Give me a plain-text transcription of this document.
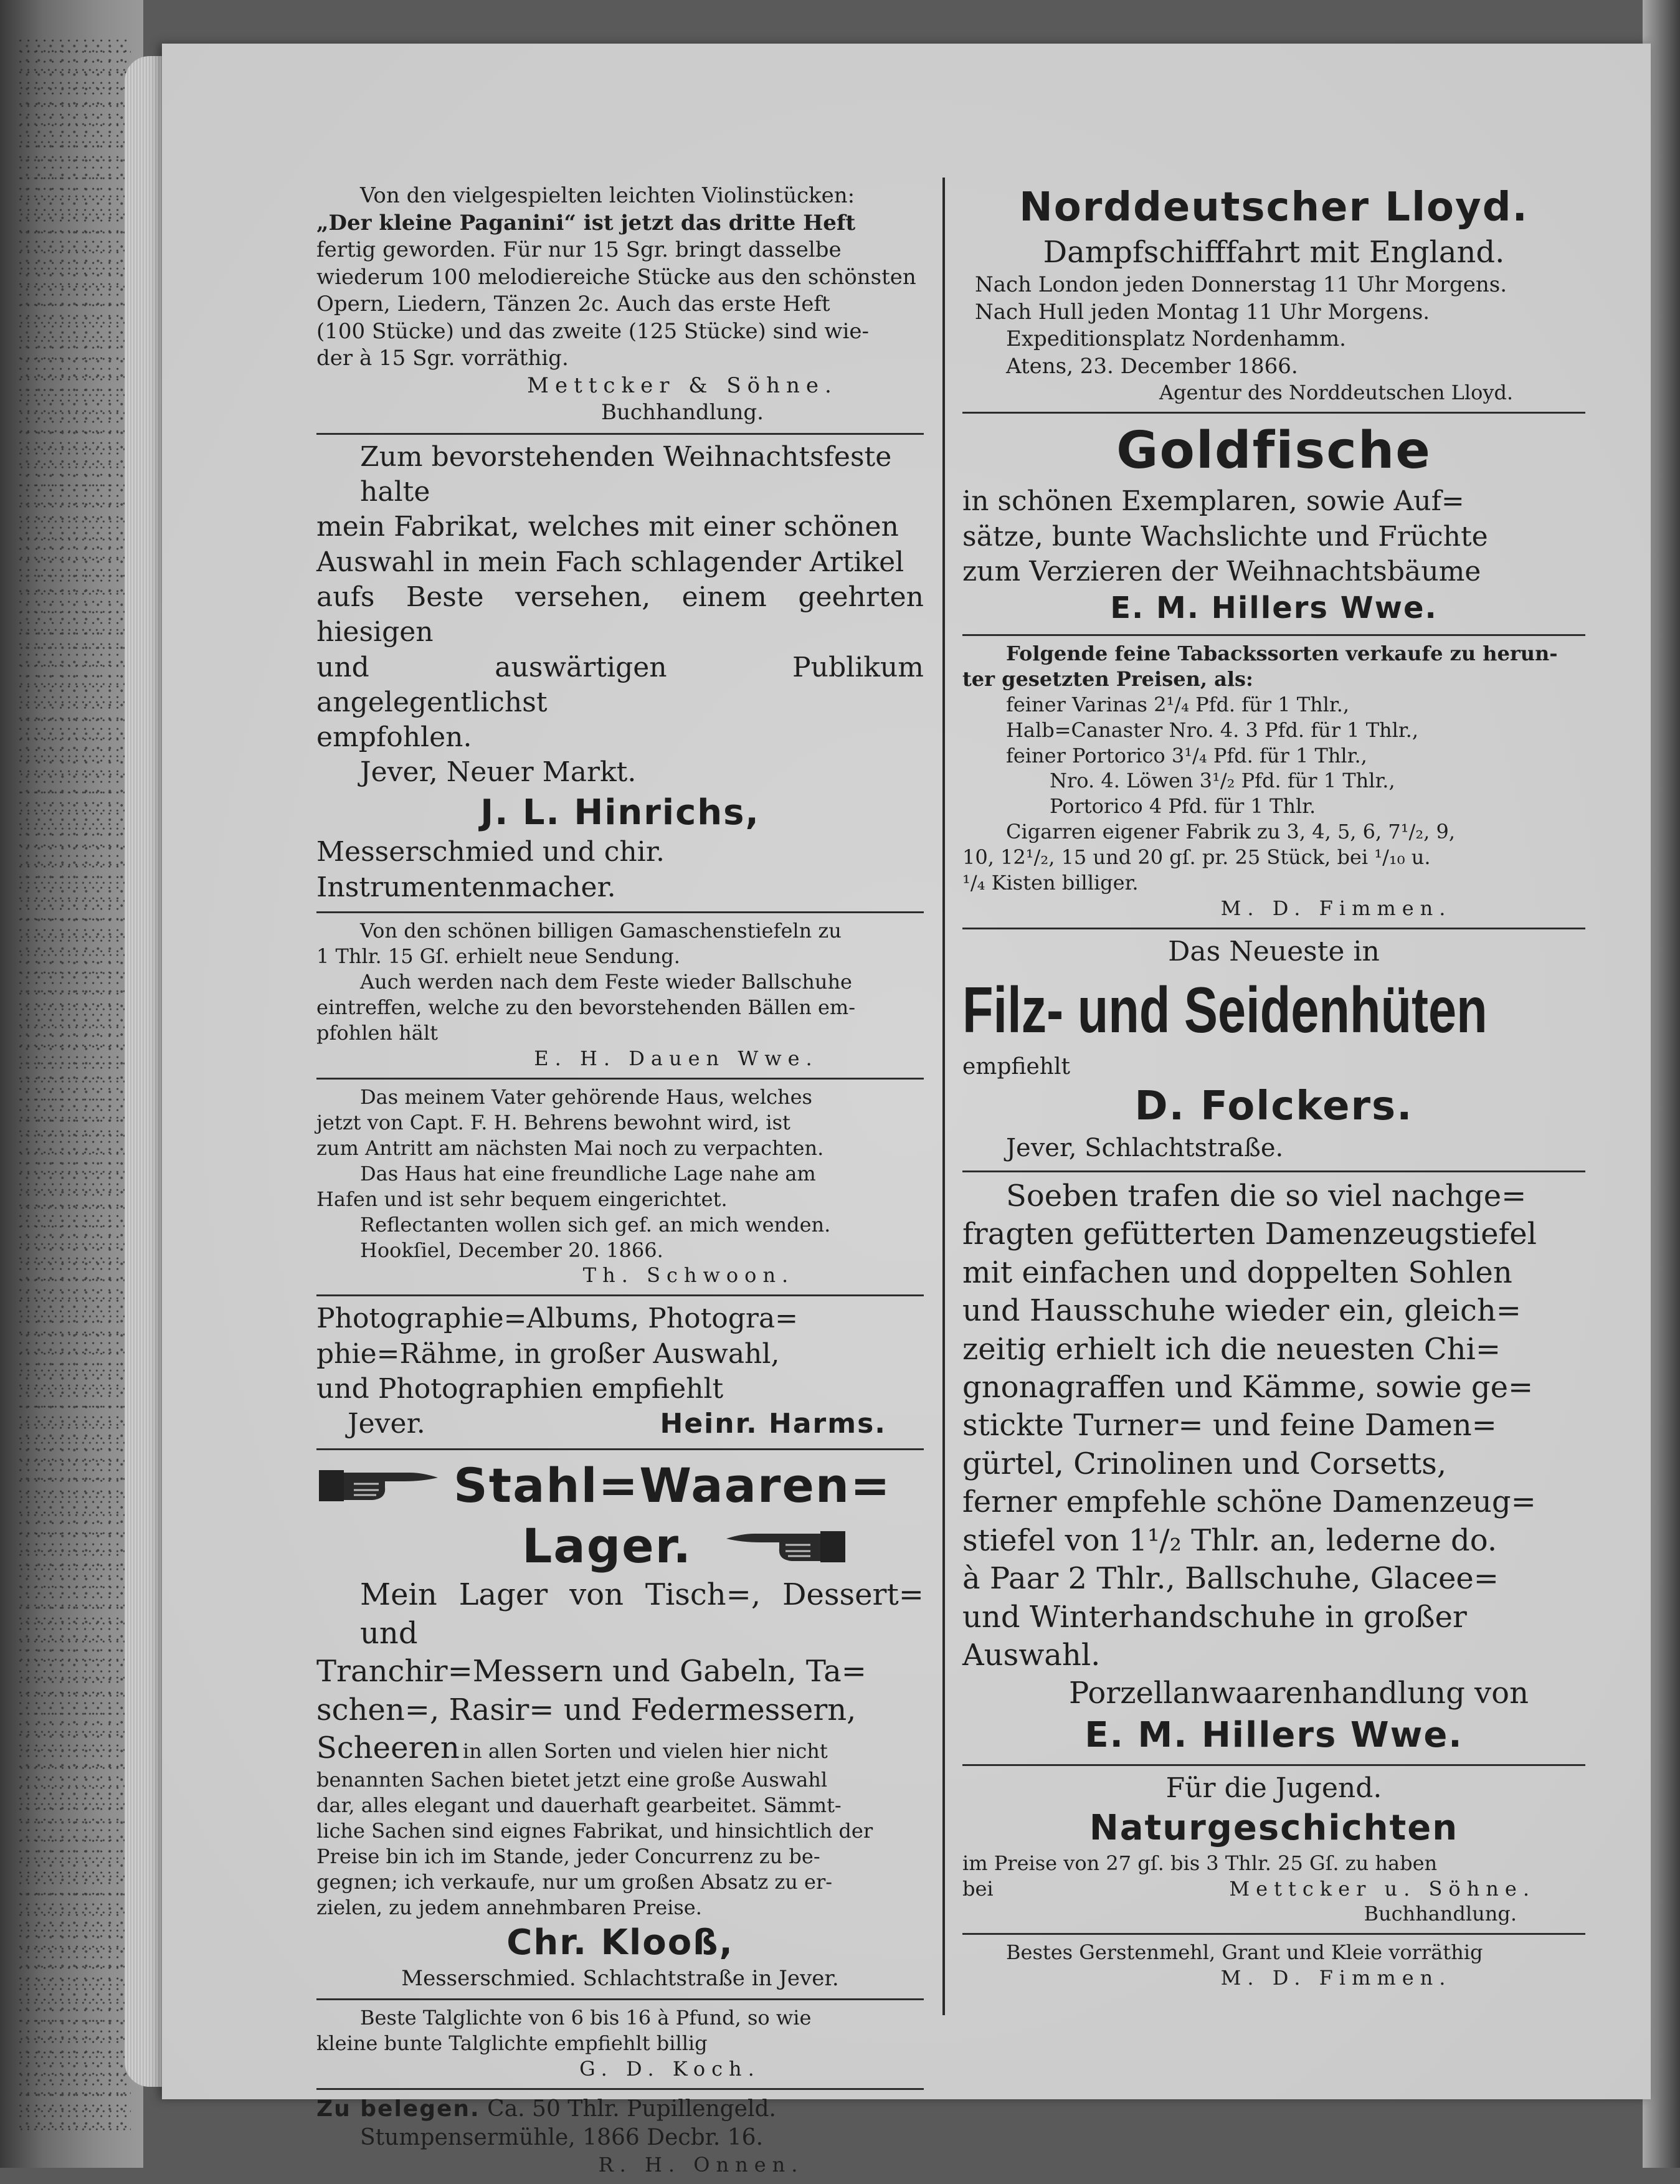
Von den vielgespielten leichten Violinstücken:

„Der kleine Paganini“ ist jetzt das dritte Heft

fertig geworden. Für nur 15 Sgr. bringt dasselbe

wiederum 100 melodiereiche Stücke aus den schönsten

Opern, Liedern, Tänzen 2c. Auch das erste Heft

(100 Stücke) und das zweite (125 Stücke) sind wie-

der à 15 Sgr. vorräthig.

Mettcker & Söhne.

Buchhandlung.

Zum bevorstehenden Weihnachtsfeste halte

mein Fabrikat, welches mit einer schönen

Auswahl in mein Fach schlagender Artikel

aufs Beste versehen, einem geehrten hiesigen

und auswärtigen Publikum angelegentlichst

empfohlen.

Jever, Neuer Markt.

J. L. Hinrichs,

Messerschmied und chir. Instrumentenmacher.

Von den schönen billigen Gamaschenstiefeln zu

1 Thlr. 15 Gſ. erhielt neue Sendung.

Auch werden nach dem Feste wieder Ballschuhe

eintreffen, welche zu den bevorstehenden Bällen em-

pfohlen hält

E. H. Dauen Wwe.

Das meinem Vater gehörende Haus, welches

jetzt von Capt. F. H. Behrens bewohnt wird, ist

zum Antritt am nächsten Mai noch zu verpachten.

Das Haus hat eine freundliche Lage nahe am

Hafen und ist sehr bequem eingerichtet.

Reflectanten wollen sich gef. an mich wenden.

Hookſiel, December 20. 1866.

Th. Schwoon.

Photographie=Albums, Photogra=

phie=Rähme, in großer Auswahl,

und Photographien empfiehlt

Jever.	Heinr. Harms.
Stahl=Waaren=
Lager.

Mein Lager von Tisch=, Dessert= und

Tranchir=Messern und Gabeln, Ta=

schen=, Rasir= und Federmessern,

Scheeren in allen Sorten und vielen hier nicht

benannten Sachen bietet jetzt eine große Auswahl

dar, alles elegant und dauerhaft gearbeitet. Sämmt-

liche Sachen sind eignes Fabrikat, und hinsichtlich der

Preise bin ich im Stande, jeder Concurrenz zu be-

gegnen; ich verkaufe, nur um großen Absatz zu er-

zielen, zu jedem annehmbaren Preise.

Chr. Klooß,

Messerschmied. Schlachtstraße in Jever.

Beste Talglichte von 6 bis 16 à Pfund, so wie

kleine bunte Talglichte empfiehlt billig

G. D. Koch.

Zu belegen. Ca. 50 Thlr. Pupillengeld.

Stumpensermühle, 1866 Decbr. 16.

R. H. Onnen.

Norddeutscher Lloyd.

Dampfschifffahrt mit England.

Nach London jeden Donnerstag 11 Uhr Morgens.

Nach Hull jeden Montag 11 Uhr Morgens.

Expeditionsplatz Nordenhamm.

Atens, 23. December 1866.

Agentur des Norddeutschen Lloyd.

Goldfische

in schönen Exemplaren, sowie Auf=

sätze, bunte Wachslichte und Früchte

zum Verzieren der Weihnachtsbäume

E. M. Hillers Wwe.

Folgende feine Tabackssorten verkaufe zu herun-

ter gesetzten Preisen, als:

feiner Varinas 2¹/₄ Pfd. für 1 Thlr.,

Halb=Canaster Nro. 4. 3 Pfd. für 1 Thlr.,

feiner Portorico 3¹/₄ Pfd. für 1 Thlr.,

Nro. 4. Löwen 3¹/₂ Pfd. für 1 Thlr.,

Portorico 4 Pfd. für 1 Thlr.

Cigarren eigener Fabrik zu 3, 4, 5, 6, 7¹/₂, 9,

10, 12¹/₂, 15 und 20 gſ. pr. 25 Stück, bei ¹/₁₀ u.

¹/₄ Kisten billiger.

M. D. Fimmen.

Das Neueste in

Filz- und Seidenhüten

empfiehlt

D. Folckers.

Jever, Schlachtstraße.

Soeben trafen die so viel nachge=

fragten gefütterten Damenzeugstiefel

mit einfachen und doppelten Sohlen

und Hausschuhe wieder ein, gleich=

zeitig erhielt ich die neuesten Chi=

gnonagraffen und Kämme, sowie ge=

stickte Turner= und feine Damen=

gürtel, Crinolinen und Corsetts,

ferner empfehle schöne Damenzeug=

stiefel von 1¹/₂ Thlr. an, lederne do.

à Paar 2 Thlr., Ballschuhe, Glacee=

und Winterhandschuhe in großer

Auswahl.

Porzellanwaarenhandlung von

E. M. Hillers Wwe.

Für die Jugend.

Naturgeschichten

im Preise von 27 gſ. bis 3 Thlr. 25 Gſ. zu haben

bei	Mettcker u. Söhne.

Buchhandlung.

Bestes Gerstenmehl, Grant und Kleie vorräthig

M. D. Fimmen.
